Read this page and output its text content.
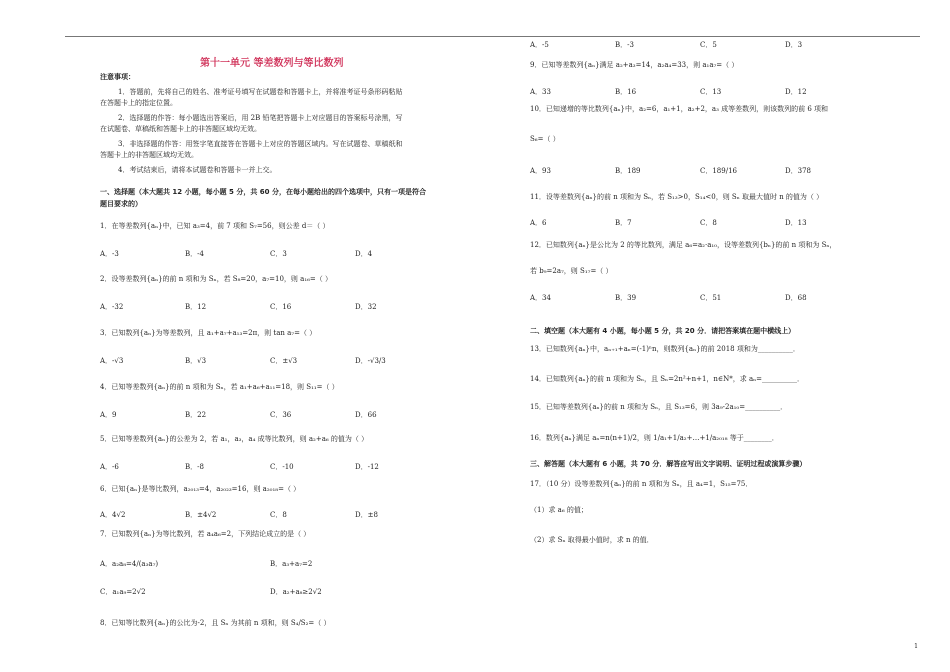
第十一单元 等差数列与等比数列
注意事项：
1．答题前，先将自己的姓名、准考证号填写在试题卷和答题卡上，并将准考证号条形码粘贴
在答题卡上的指定位置。
2．选择题的作答：每小题选出答案后，用 2B 铅笔把答题卡上对应题目的答案标号涂黑，写
在试题卷、草稿纸和答题卡上的非答题区域均无效。
3．非选择题的作答：用签字笔直接答在答题卡上对应的答题区域内。写在试题卷、草稿纸和
答题卡上的非答题区域均无效。
4．考试结束后，请将本试题卷和答题卡一并上交。
一、选择题（本大题共 12 小题，每小题 5 分，共 60 分，在每小题给出的四个选项中，只有一项是符合
题目要求的）
1．在等差数列{aₙ}中，已知 a₃=4，前 7 项和 S₇=56，则公差 d＝（ ）
A．-3	B．-4	C．3	D．4
2．设等差数列{aₙ}的前 n 项和为 Sₙ，若 S₈=20，a₇=10，则 a₁₆=（ ）
A．-32	B．12	C．16	D．32
3．已知数列{aₙ}为等差数列，且 a₁+a₇+a₁₃=2π，则 tan a₇=（ ）
A．-√3	B．√3	C．±√3	D．-√3/3
4．已知等差数列{aₙ}的前 n 项和为 Sₙ，若 a₁+a₆+a₁₁=18，则 S₁₁=（ ）
A．9	B．22	C．36	D．66
5．已知等差数列{aₙ}的公差为 2，若 a₁，a₃，a₄ 成等比数列，则 a₂+a₆ 的值为（ ）
A．-6	B．-8	C．-10	D．-12
6．已知{aₙ}是等比数列，a₂₀₁₃=4，a₂₀₂₃=16，则 a₂₀₁₈=（ ）
A．4√2	B．±4√2	C．8	D．±8
7．已知数列{aₙ}为等比数列，若 a₄a₆=2，下列结论成立的是（ ）
A．a₂a₈=4/(a₃a₇)	B．a₃+a₇=2
C．a₁a₉=2√2	D．a₂+a₈≥2√2
8．已知等比数列{aₙ}的公比为-2，且 Sₙ 为其前 n 项和，则 S₄/S₂=（ ）
A．-5	B．-3	C．5	D．3
9．已知等差数列{aₙ}满足 a₂+a₃=14，a₂a₄=33，则 a₁a₇=（ ）
A．33	B．16	C．13	D．12
10．已知递增的等比数列{aₙ}中，a₂=6，a₁+1，a₂+2，a₃ 成等差数列，则该数列的前 6 项和
S₆=（ ）
A．93	B．189	C．189/16	D．378
11．设等差数列{aₙ}的前 n 项和为 Sₙ，若 S₁₃>0，S₁₄<0，则 Sₙ 取最大值时 n 的值为（ ）
A．6	B．7	C．8	D．13
12．已知数列{aₙ}是公比为 2 的等比数列，满足 a₆=a₂·a₁₀，设等差数列{bₙ}的前 n 项和为 Sₙ，
若 b₉=2a₇，则 S₁₇=（ ）
A．34	B．39	C．51	D．68
二、填空题（本大题有 4 小题，每小题 5 分，共 20 分．请把答案填在题中横线上）
13．已知数列{aₙ}中，aₙ₊₁+aₙ=(-1)ⁿn，则数列{aₙ}的前 2018 项和为__________．
14．已知数列{aₙ}的前 n 项和为 Sₙ，且 Sₙ=2n²+n+1，n∈N*，求 aₙ=__________．
15．已知等差数列{aₙ}的前 n 项和为 Sₙ，且 S₁₃=6，则 3a₉-2a₁₀=__________．
16．数列{aₙ}满足 aₙ=n(n+1)/2，则 1/a₁+1/a₂+…+1/a₂₀₁₈ 等于________．
三、解答题（本大题有 6 小题，共 70 分．解答应写出文字说明、证明过程或演算步骤）
17．（10 分）设等差数列{aₙ}的前 n 项和为 Sₙ，且 a₄=1，S₁₅=75．
（1）求 a₆ 的值；
（2）求 Sₙ 取得最小值时，求 n 的值．
1
